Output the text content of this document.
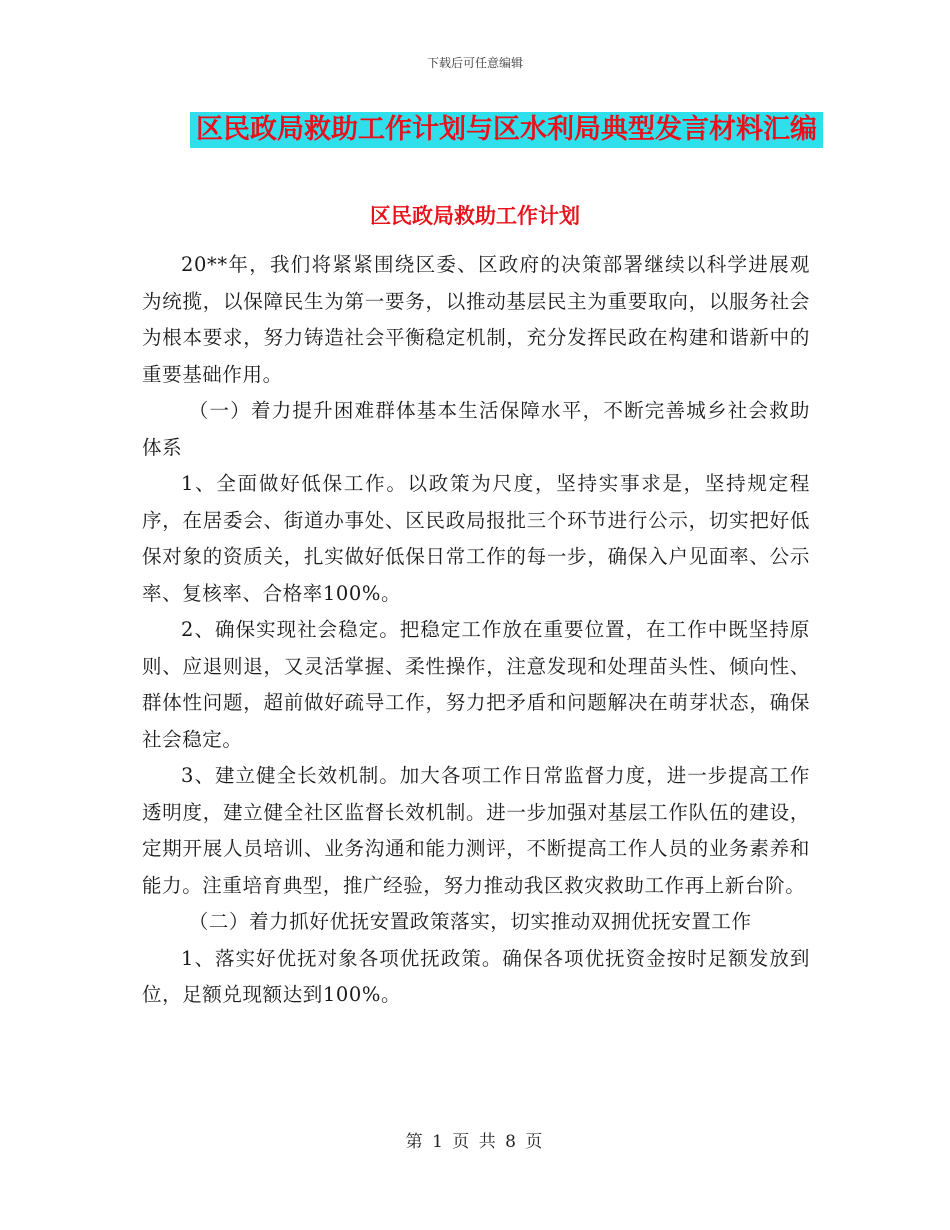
下载后可任意编辑
区民政局救助工作计划与区水利局典型发言材料汇编
区民政局救助工作计划

20**年，我们将紧紧围绕区委、区政府的决策部署继续以科学进展观为统揽，以保障民生为第一要务，以推动基层民主为重要取向，以服务社会为根本要求，努力铸造社会平衡稳定机制，充分发挥民政在构建和谐新中的重要基础作用。

（一）着力提升困难群体基本生活保障水平，不断完善城乡社会救助体系

1、全面做好低保工作。以政策为尺度，坚持实事求是，坚持规定程序，在居委会、街道办事处、区民政局报批三个环节进行公示，切实把好低保对象的资质关，扎实做好低保日常工作的每一步，确保入户见面率、公示率、复核率、合格率100%。

2、确保实现社会稳定。把稳定工作放在重要位置，在工作中既坚持原则、应退则退，又灵活掌握、柔性操作，注意发现和处理苗头性、倾向性、群体性问题，超前做好疏导工作，努力把矛盾和问题解决在萌芽状态，确保社会稳定。

3、建立健全长效机制。加大各项工作日常监督力度，进一步提高工作透明度，建立健全社区监督长效机制。进一步加强对基层工作队伍的建设，定期开展人员培训、业务沟通和能力测评，不断提高工作人员的业务素养和能力。注重培育典型，推广经验，努力推动我区救灾救助工作再上新台阶。

（二）着力抓好优抚安置政策落实，切实推动双拥优抚安置工作

1、落实好优抚对象各项优抚政策。确保各项优抚资金按时足额发放到位，足额兑现额达到100%。

第 1 页 共 8 页
